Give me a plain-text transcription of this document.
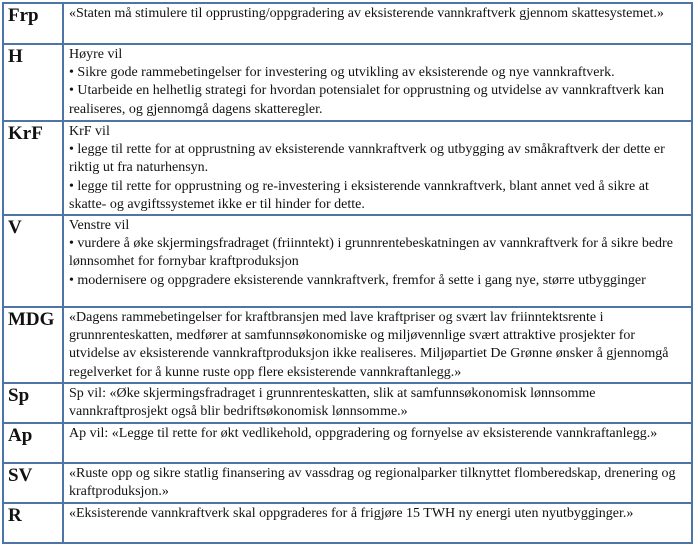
Frp	«Staten må stimulere til opprusting/oppgradering av eksisterende vannkraftverk gjennom skattesystemet.»

H	Høyre vil
• Sikre gode rammebetingelser for investering og utvikling av eksisterende og nye vannkraftverk.
• Utarbeide en helhetlig strategi for hvordan potensialet for opprustning og utvidelse av vannkraftverk kan realiseres, og gjennomgå dagens skatteregler.

KrF	KrF vil
• legge til rette for at opprustning av eksisterende vannkraftverk og utbygging av småkraftverk der dette er riktig ut fra naturhensyn.
• legge til rette for opprustning og re-investering i eksisterende vannkraftverk, blant annet ved å sikre at skatte- og avgiftssystemet ikke er til hinder for dette.

V	Venstre vil
• vurdere å øke skjermingsfradraget (friinntekt) i grunnrentebeskatningen av vannkraftverk for å sikre bedre lønnsomhet for fornybar kraftproduksjon
• modernisere og oppgradere eksisterende vannkraftverk, fremfor å sette i gang nye, større utbygginger

MDG	«Dagens rammebetingelser for kraftbransjen med lave kraftpriser og svært lav friinntektsrente i grunnrenteskatten, medfører at samfunnsøkonomiske og miljøvennlige svært attraktive prosjekter for utvidelse av eksisterende vannkraftproduksjon ikke realiseres. Miljøpartiet De Grønne ønsker å gjennomgå regelverket for å kunne ruste opp flere eksisterende vannkraftanlegg.»

Sp	Sp vil: «Øke skjermingsfradraget i grunnrenteskatten, slik at samfunnsøkonomisk lønnsomme vannkraftprosjekt også blir bedriftsøkonomisk lønnsomme.»

Ap	Ap vil: «Legge til rette for økt vedlikehold, oppgradering og fornyelse av eksisterende vannkraftanlegg.»

SV	«Ruste opp og sikre statlig finansering av vassdrag og regionalparker tilknyttet flomberedskap, drenering og kraftproduksjon.»

R	«Eksisterende vannkraftverk skal oppgraderes for å frigjøre 15 TWH ny energi uten nyutbygginger.»
